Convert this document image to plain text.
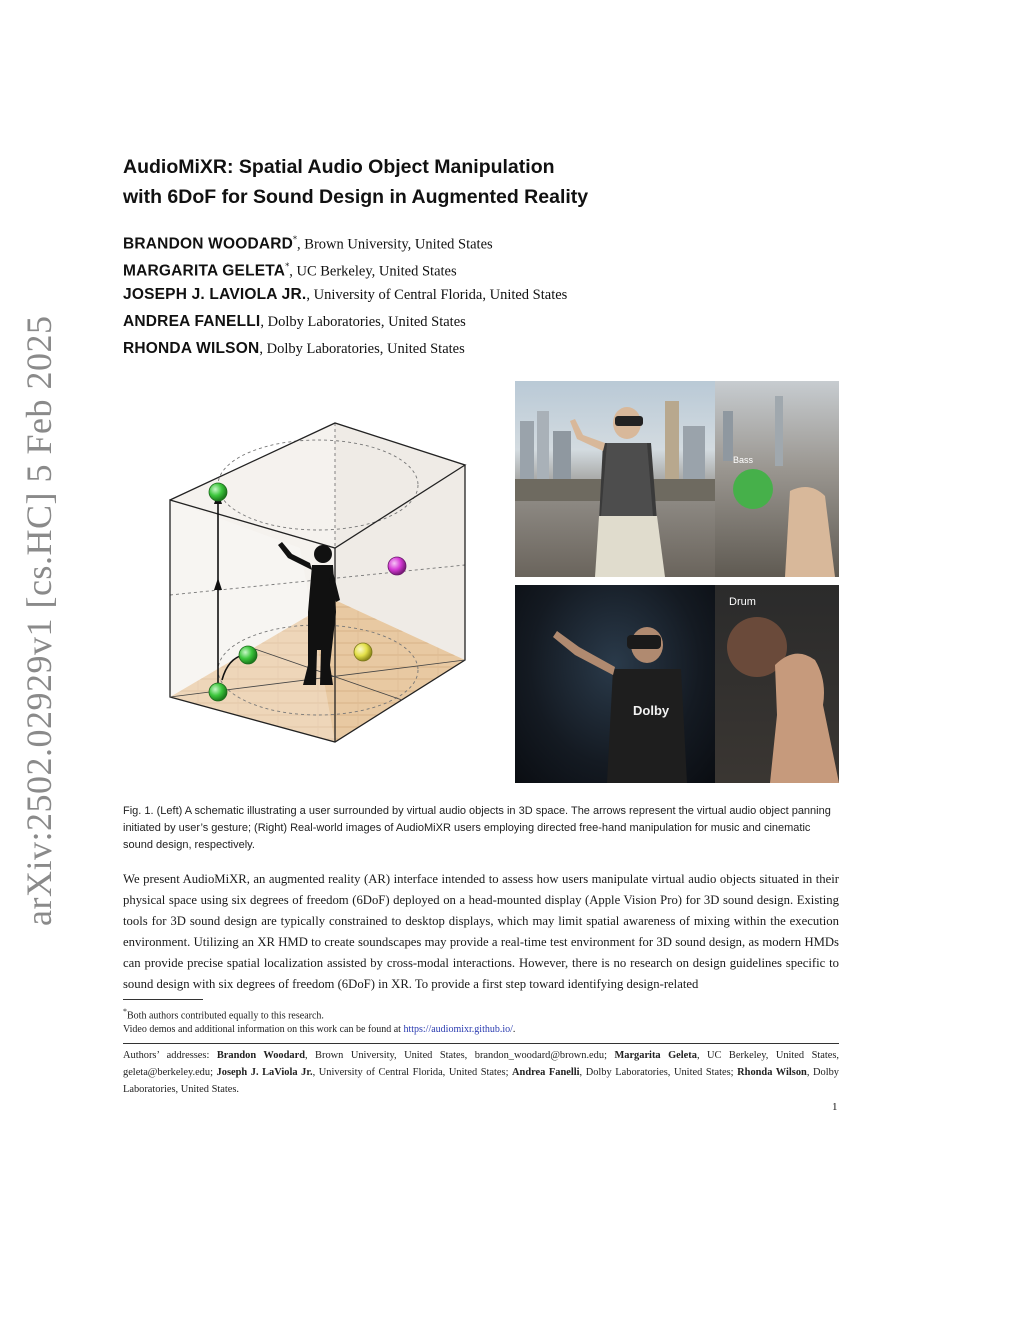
arXiv:2502.02929v1 [cs.HC] 5 Feb 2025
AudioMiXR: Spatial Audio Object Manipulation
with 6DoF for Sound Design in Augmented Reality
BRANDON WOODARD*, Brown University, United States
MARGARITA GELETA*, UC Berkeley, United States
JOSEPH J. LAVIOLA JR., University of Central Florida, United States
ANDREA FANELLI, Dolby Laboratories, United States
RHONDA WILSON, Dolby Laboratories, United States
Bass
Dolby
Drum
Fig. 1. (Left) A schematic illustrating a user surrounded by virtual audio objects in 3D space. The arrows represent the virtual audio object panning initiated by user’s gesture; (Right) Real-world images of AudioMiXR users employing directed free-hand manipulation for music and cinematic sound design, respectively.
We present AudioMiXR, an augmented reality (AR) interface intended to assess how users manipulate virtual audio objects situated in their physical space using six degrees of freedom (6DoF) deployed on a head-mounted display (Apple Vision Pro) for 3D sound design. Existing tools for 3D sound design are typically constrained to desktop displays, which may limit spatial awareness of mixing within the execution environment. Utilizing an XR HMD to create soundscapes may provide a real-time test environment for 3D sound design, as modern HMDs can provide precise spatial localization assisted by cross-modal interactions. However, there is no research on design guidelines specific to sound design with six degrees of freedom (6DoF) in XR. To provide a first step toward identifying design-related
*Both authors contributed equally to this research.
Video demos and additional information on this work can be found at https://audiomixr.github.io/.
Authors’ addresses: Brandon Woodard, Brown University, United States, brandon_woodard@brown.edu; Margarita Geleta, UC Berkeley, United States, geleta@berkeley.edu; Joseph J. LaViola Jr., University of Central Florida, United States; Andrea Fanelli, Dolby Laboratories, United States; Rhonda Wilson, Dolby Laboratories, United States.
1
